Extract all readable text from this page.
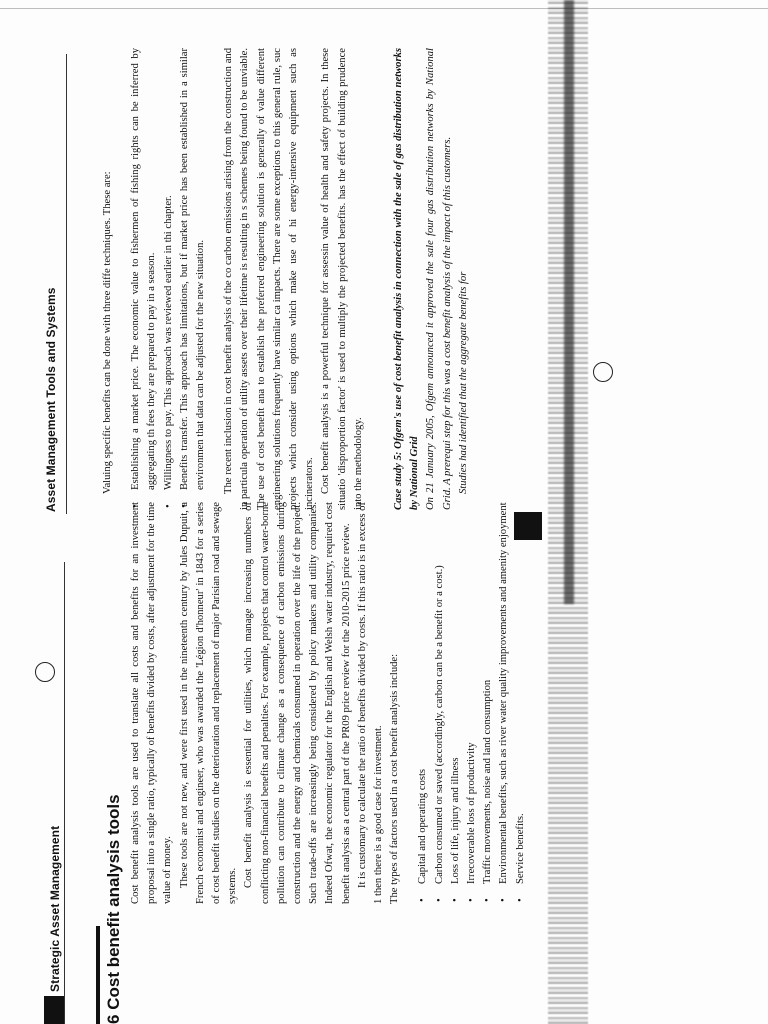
Strategic Asset Management
6 Cost benefit analysis tools Cost benefit analysis tools are used to translate all costs and benefits for an investment proposal into a single ratio, typically of benefits divided by costs, after adjustment for the time value of money. These tools are not new, and were first used in the nineteenth century by Jules Dupuit, a French economist and engineer, who was awarded the 'Légion d'honneur' in 1843 for a series of cost benefit studies on the deterioration and replacement of major Parisian road and sewage systems. Cost benefit analysis is essential for utilities, which manage increasing numbers of conflicting non-financial benefits and penalties. For example, projects that control water-borne pollution can contribute to climate change as a consequence of carbon emissions during construction and the energy and chemicals consumed in operation over the life of the project. Such trade-offs are increasingly being considered by policy makers and utility companies. Indeed Ofwat, the economic regulator for the English and Welsh water industry, required cost benefit analysis as a central part of the PR09 price review for the 2010-2015 price review. It is customary to calculate the ratio of benefits divided by costs. If this ratio is in excess of 1 then there is a good case for investment. The types of factors used in a cost benefit analysis include:	• Capital and operating costs • Carbon consumed or saved (accordingly, carbon can be a benefit or a cost.) • Loss of life, injury and illness • Irrecoverable loss of productivity • Traffic movements, noise and land consumption • Environmental benefits, such as river water quality improvements and amenity enjoyment • Service benefits.
Asset Management Tools and Systems	Valuing specific benefits can be done with three diffe techniques. These are:	• Establishing a market price. The economic value to fishermen of fishing rights can be inferred by aggregating th fees they are prepared to pay in a season. • Willingness to pay. This approach was reviewed earlier in thi chapter. • Benefits transfer. This approach has limitations, but if market price has been established in a similar environmen that data can be adjusted for the new situation.	The recent inclusion in cost benefit analysis of the co carbon emissions arising from the construction and in particula operation of utility assets over their lifetime is resulting in s schemes being found to be unviable. The use of cost benefit ana to establish the preferred engineering solution is generally of value different engineering solutions frequently have similar ca impacts. There are some exceptions to this general rule, suc projects which consider using options which make use of hi energy-intensive equipment such as incinerators. Cost benefit analysis is a powerful technique for assessin value of health and safety projects. In these situatio 'disproportion factor' is used to multiply the projected benefits. has the effect of building prudence into the methodology.	Case study 5: Ofgem's use of cost benefit analysis in connection with the sale of gas distribution networks by National Grid On 21 January 2005, Ofgem announced it approved the sale four gas distribution networks by National Grid. A prerequi step for this was a cost benefit analysis of the impact of this customers. Studies had identified that the aggregate benefits for
